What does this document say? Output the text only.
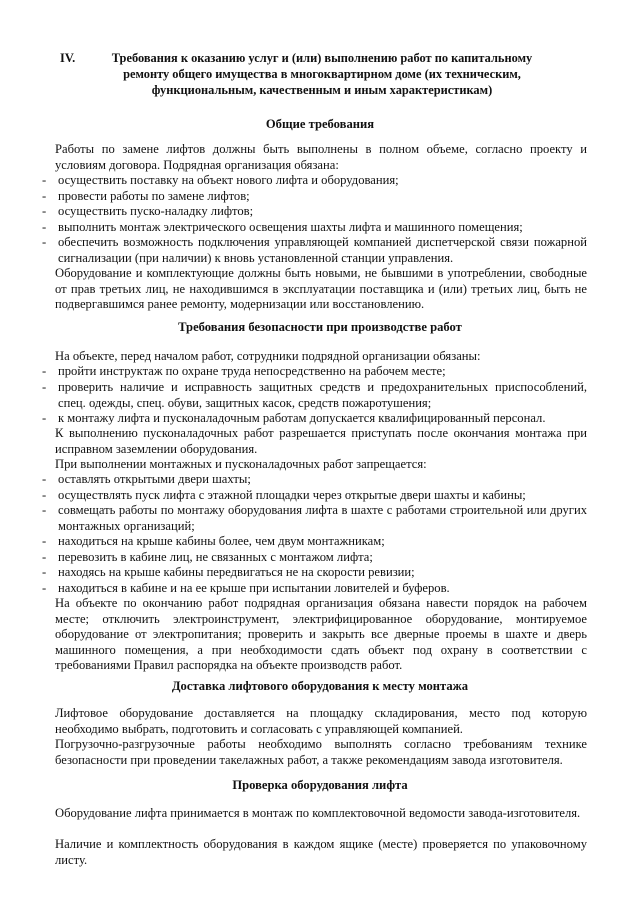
IV.	Требования к оказанию услуг и (или) выполнению работ по капитальному
ремонту общего имущества в многоквартирном доме (их техническим,
функциональным, качественным и иным характеристикам)
Общие требования
Работы по замене лифтов должны быть выполнены в полном объеме, согласно проекту и условиям договора. Подрядная организация обязана:
- осуществить поставку на объект нового лифта и оборудования;
- провести работы по замене лифтов;
- осуществить пуско-наладку лифтов;
- выполнить монтаж электрического освещения шахты лифта и машинного помещения;
- обеспечить возможность подключения управляющей компанией диспетчерской связи пожарной сигнализации (при наличии) к вновь установленной станции управления.
Оборудование и комплектующие должны быть новыми, не бывшими в употреблении, свободные от прав третьих лиц, не находившимся в эксплуатации поставщика и (или) третьих лиц, быть не подвергавшимся ранее ремонту, модернизации или восстановлению.
Требования безопасности при производстве работ
На объекте, перед началом работ, сотрудники подрядной организации обязаны:
- пройти инструктаж по охране труда непосредственно на рабочем месте;
- проверить наличие и исправность защитных средств и предохранительных приспособлений, спец. одежды, спец. обуви, защитных касок, средств пожаротушения;
- к монтажу лифта и пусконаладочным работам допускается квалифицированный персонал.
К выполнению пусконаладочных работ разрешается приступать после окончания монтажа при исправном заземлении оборудования.
При выполнении монтажных и пусконаладочных работ запрещается:
- оставлять открытыми двери шахты;
- осуществлять пуск лифта с этажной площадки через открытые двери шахты и кабины;
- совмещать работы по монтажу оборудования лифта в шахте с работами строительной или других монтажных организаций;
- находиться на крыше кабины более, чем двум монтажникам;
- перевозить в кабине лиц, не связанных с монтажом лифта;
- находясь на крыше кабины передвигаться не на скорости ревизии;
- находиться в кабине и на ее крыше при испытании ловителей и буферов.
На объекте по окончанию работ подрядная организация обязана навести порядок на рабочем месте; отключить электроинструмент, электрифицированное оборудование, монтируемое оборудование от электропитания; проверить и закрыть все дверные проемы в шахте и дверь машинного помещения, а при необходимости сдать объект под охрану в соответствии с требованиями Правил распорядка на объекте производств работ.
Доставка лифтового оборудования к месту монтажа
Лифтовое оборудование доставляется на площадку складирования, место под которую необходимо выбрать, подготовить и согласовать с управляющей компанией.
Погрузочно-разгрузочные работы необходимо выполнять согласно требованиям технике безопасности при проведении такелажных работ, а также рекомендациям завода изготовителя.
Проверка оборудования лифта
Оборудование лифта принимается в монтаж по комплектовочной ведомости завода-изготовителя.
Наличие и комплектность оборудования в каждом ящике (месте) проверяется по упаковочному листу.
